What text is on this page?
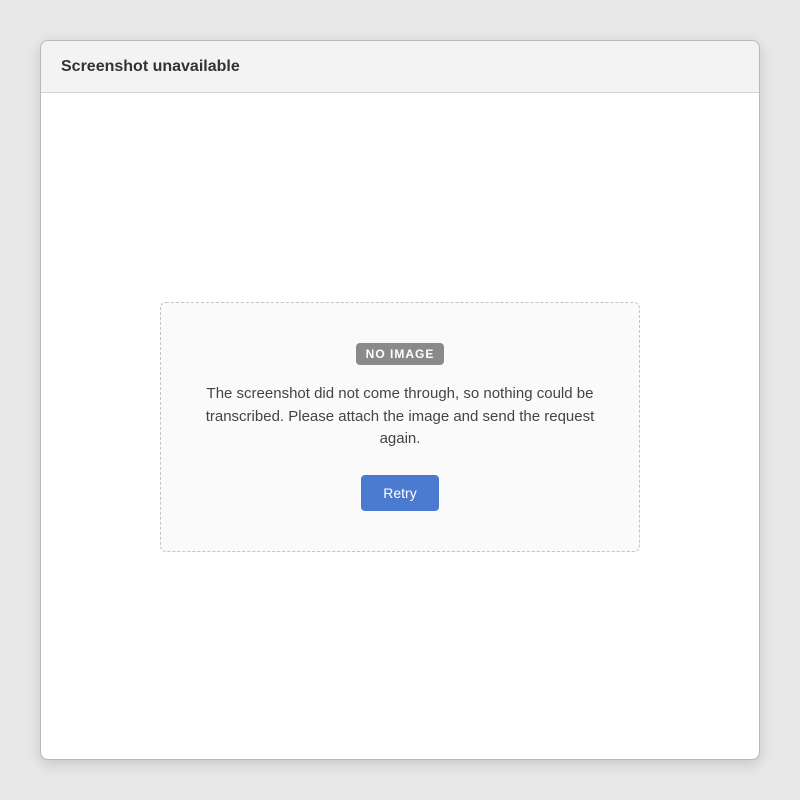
Screenshot unavailable
NO IMAGE

The screenshot did not come through, so nothing could be transcribed. Please attach the image and send the request again.

Retry
